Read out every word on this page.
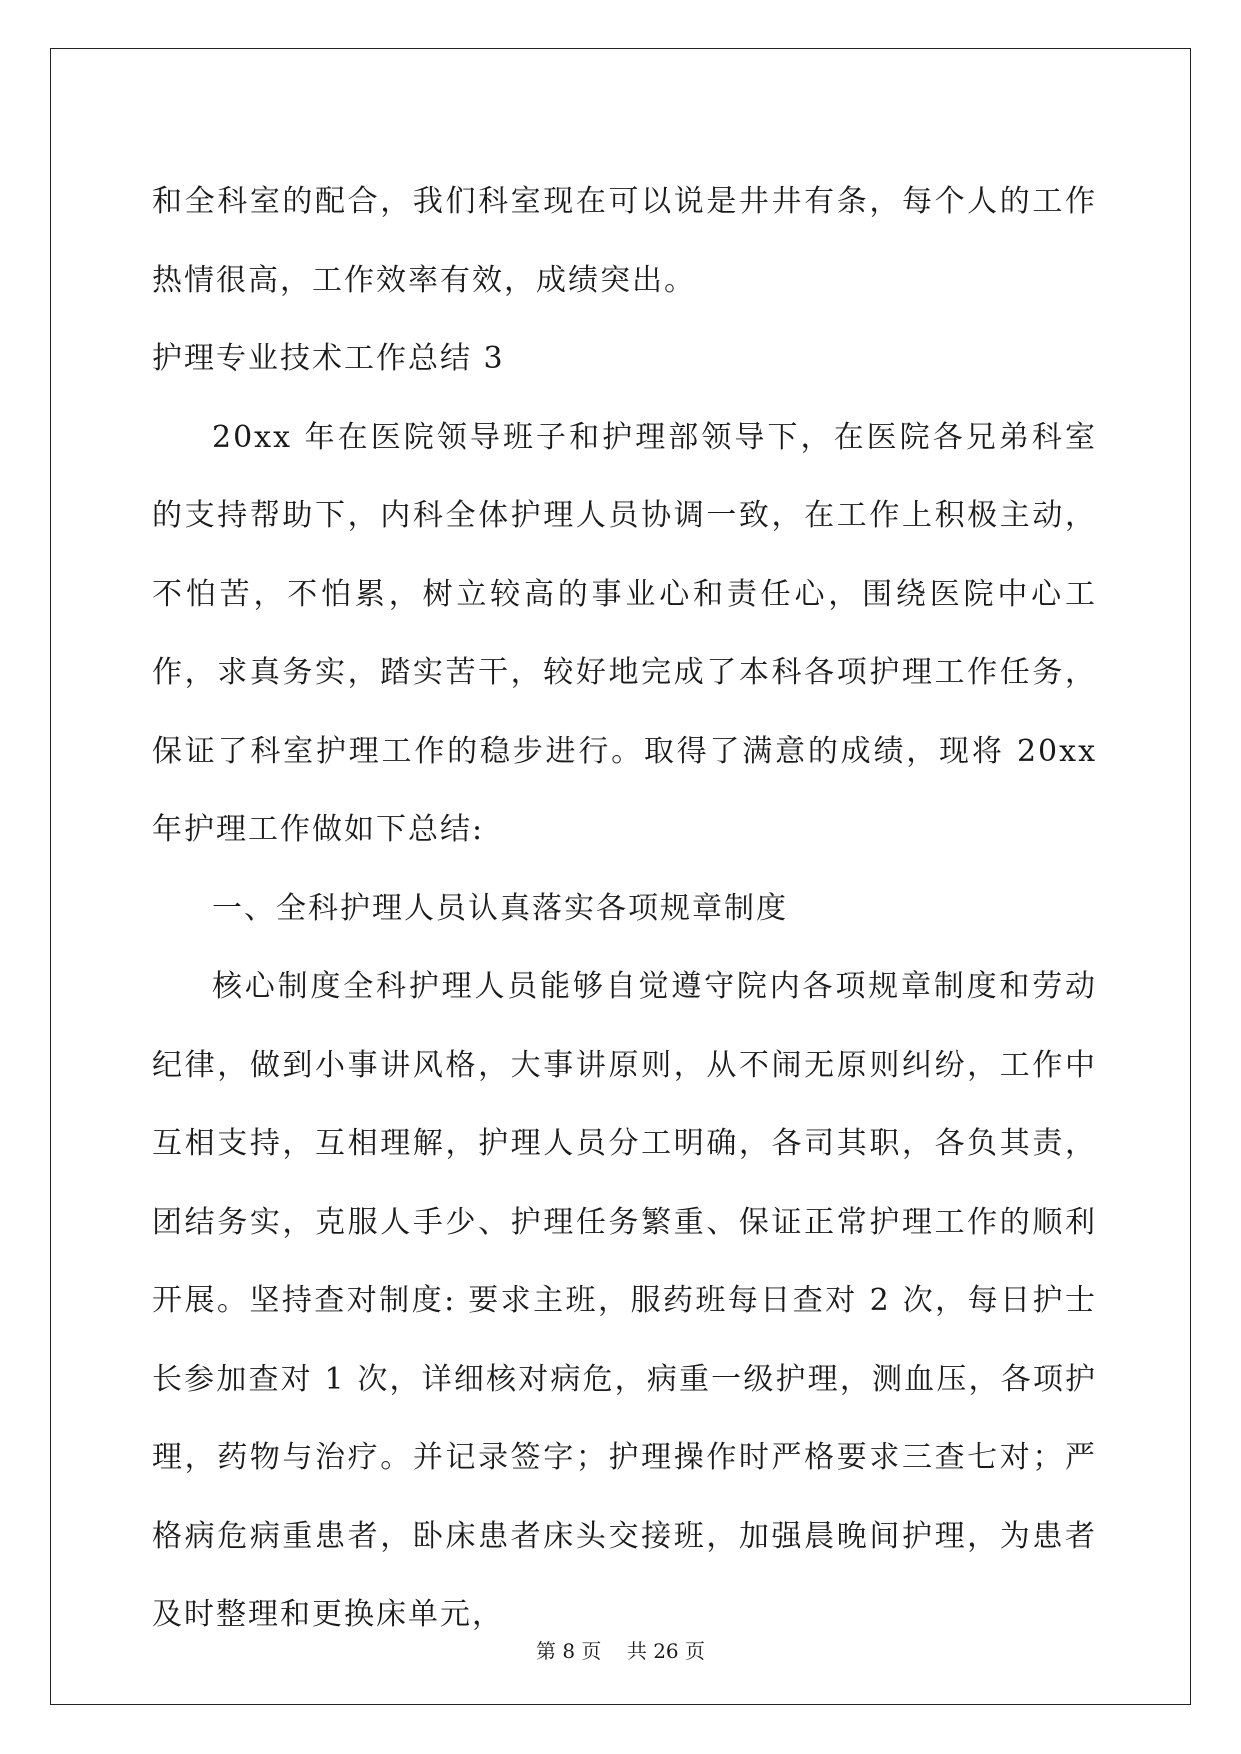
和全科室的配合，我们科室现在可以说是井井有条，每个人的工作热情很高，工作效率有效，成绩突出。

护理专业技术工作总结 3

20xx 年在医院领导班子和护理部领导下，在医院各兄弟科室的支持帮助下，内科全体护理人员协调一致，在工作上积极主动，不怕苦，不怕累，树立较高的事业心和责任心，围绕医院中心工作，求真务实，踏实苦干，较好地完成了本科各项护理工作任务，保证了科室护理工作的稳步进行。取得了满意的成绩，现将 20xx 年护理工作做如下总结:

一、全科护理人员认真落实各项规章制度

核心制度全科护理人员能够自觉遵守院内各项规章制度和劳动纪律，做到小事讲风格，大事讲原则，从不闹无原则纠纷，工作中互相支持，互相理解，护理人员分工明确，各司其职，各负其责，团结务实，克服人手少、护理任务繁重、保证正常护理工作的顺利开展。坚持查对制度: 要求主班，服药班每日查对 2 次，每日护士长参加查对 1 次，详细核对病危，病重一级护理，测血压，各项护理，药物与治疗。并记录签字；护理操作时严格要求三查七对；严格病危病重患者，卧床患者床头交接班，加强晨晚间护理，为患者及时整理和更换床单元，

第 8 页    共 26 页
